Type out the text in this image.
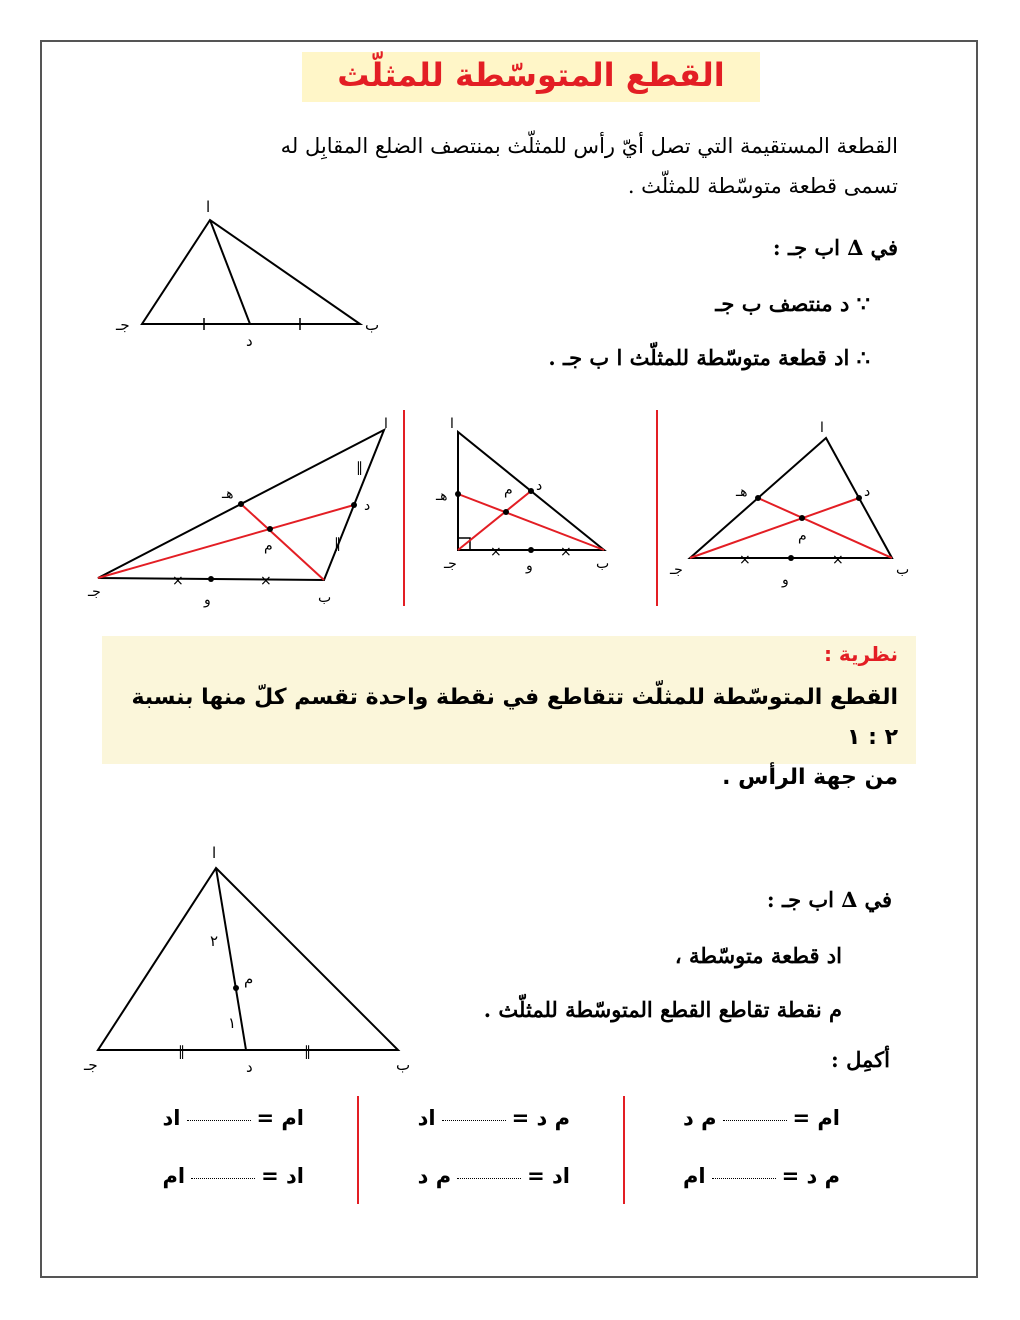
القطع المتوسّطة للمثلّث
القطعة المستقيمة التي تصل أيّ رأس للمثلّث بمنتصف الضلع المقابِل له
تسمى قطعة متوسّطة للمثلّث .
في ∆ اب جـ :
∵ د منتصف ب جـ
∴ اد قطعة متوسّطة للمثلّث ا ب جـ .
ا
ب
جـ
د
×	×
∥
∥
ا
ب
جـ
د
هـ
و
م	×	×
ا
ب
جـ
د
هـ
و
م
×	×
ا
ب
جـ
د
هـ
و
م
نظرية :
القطع المتوسّطة للمثلّث تتقاطع في نقطة واحدة تقسم كلّ منها بنسبة ٢ : ١
من جهة الرأس .
∥	∥
ا
ب
جـ	د
م
٢
١
في ∆ اب جـ :
اد قطعة متوسّطة ،
م نقطة تقاطع القطع المتوسّطة للمثلّث .
أكمِل :
ام =م د
م د =ام
م د =اد
اد =م د
ام =اد
اد =ام
